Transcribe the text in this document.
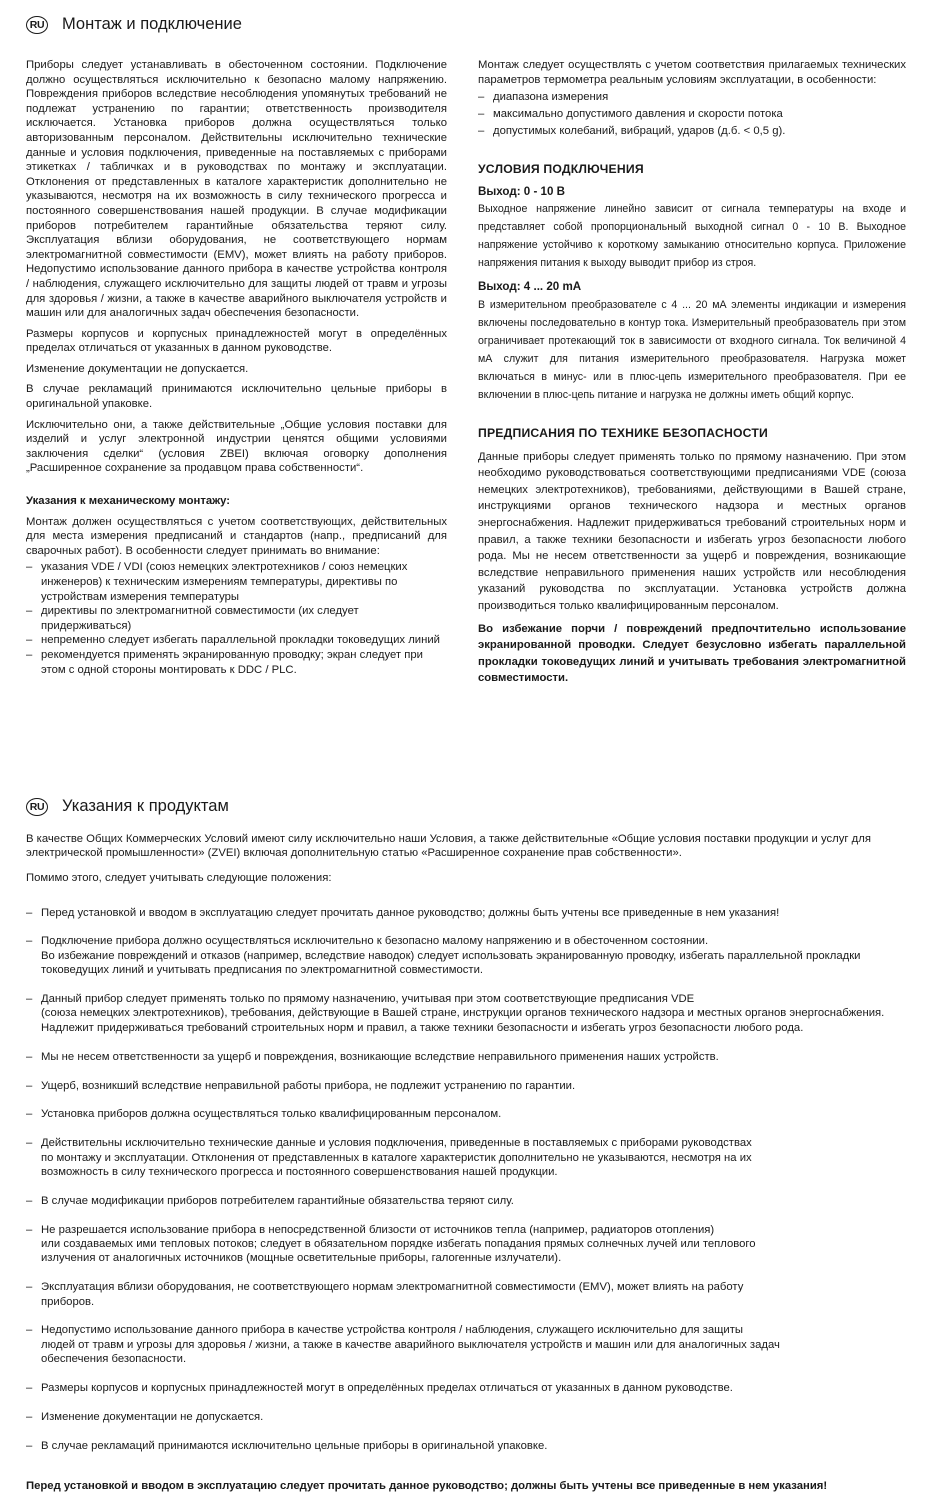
RU Монтаж и подключение

Приборы следует устанавливать в обесточенном состоянии. Подключение должно осуществляться исключительно к безопасно малому напряжению. Повреждения приборов вследствие несоблюдения упомянутых требований не подлежат устранению по гарантии; ответственность производителя исключается. Установка приборов должна осуществляться только авторизованным персоналом. Действительны исключительно технические данные и условия подключения, приведенные на поставляемых с приборами этикетках / табличках и в руководствах по монтажу и эксплуатации. Отклонения от представленных в каталоге характеристик дополнительно не указываются, несмотря на их возможность в силу технического прогресса и постоянного совершенствования нашей продукции. В случае модификации приборов потребителем гарантийные обязательства теряют силу. Эксплуатация вблизи оборудования, не соответствующего нормам электромагнитной совместимости (EMV), может влиять на работу приборов. Недопустимо использование данного прибора в качестве устройства контроля / наблюдения, служащего исключительно для защиты людей от травм и угрозы для здоровья / жизни, а также в качестве аварийного выключателя устройств и машин или для аналогичных задач обеспечения безопасности.

Размеры корпусов и корпусных принадлежностей могут в определённых пределах отличаться от указанных в данном руководстве.

Изменение документации не допускается.

В случае рекламаций принимаются исключительно цельные приборы в оригинальной упаковке.

Исключительно они, а также действительные „Общие условия поставки для изделий и услуг электронной индустрии ценятся общими условиями заключения сделки“ (условия ZBEI) включая оговорку дополнения „Расширенное сохранение за продавцом права собственности“.

Указания к механическому монтажу:

Монтаж должен осуществляться с учетом соответствующих, действительных для места измерения предписаний и стандартов (напр., предписаний для сварочных работ). В особенности следует принимать во внимание:

– указания VDE / VDI (союз немецких электротехников / союз немецких инженеров) к техническим измерениям температуры, директивы по устройствам измерения температуры
– директивы по электромагнитной совместимости (их следует придерживаться)
– непременно следует избегать параллельной прокладки токоведущих линий
– рекомендуется применять экранированную проводку; экран следует при этом с одной стороны монтировать к DDC / PLC.

Монтаж следует осуществлять с учетом соответствия прилагаемых технических параметров термометра реальным условиям эксплуатации, в особенности:

– диапазона измерения
– максимально допустимого давления и скорости потока
– допустимых колебаний, вибраций, ударов (д.б. < 0,5 g).
УСЛОВИЯ ПОДКЛЮЧЕНИЯ
Выход: 0 - 10 В

Выходное напряжение линейно зависит от сигнала температуры на входе и представляет собой пропорциональный выходной сигнал 0 - 10 В. Выходное напряжение устойчиво к короткому замыканию относительно корпуса. Приложение напряжения питания к выходу выводит прибор из строя.

Выход: 4 ... 20 mA

В измерительном преобразователе с 4 ... 20 мА элементы индикации и измерения включены последовательно в контур тока. Измерительный преобразователь при этом ограничивает протекающий ток в зависимости от входного сигнала. Ток величиной 4 мА служит для питания измерительного преобразователя. Нагрузка может включаться в минус- или в плюс-цепь измерительного преобразователя. При ее включении в плюс-цепь питание и нагрузка не должны иметь общий корпус.

ПРЕДПИСАНИЯ ПО ТЕХНИКЕ БЕЗОПАСНОСТИ

Данные приборы следует применять только по прямому назначению. При этом необходимо руководствоваться соответствующими предписаниями VDE (союза немецких электротехников), требованиями, действующими в Вашей стране, инструкциями органов технического надзора и местных органов энергоснабжения. Надлежит придерживаться требований строительных норм и правил, а также техники безопасности и избегать угроз безопасности любого рода. Мы не несем ответственности за ущерб и повреждения, возникающие вследствие неправильного применения наших устройств или несоблюдения указаний руководства по эксплуатации. Установка устройств должна производиться только квалифицированным персоналом.

Во избежание порчи / повреждений предпочтительно использование экранированной проводки. Следует безусловно избегать параллельной прокладки токоведущих линий и учитывать требования электромагнитной совместимости.

RU Указания к продуктам

В качестве Общих Коммерческих Условий имеют силу исключительно наши Условия, а также действительные «Общие условия поставки продукции и услуг для электрической промышленности» (ZVEI) включая дополнительную статью «Расширенное сохранение прав собственности».

Помимо этого, следует учитывать следующие положения:

– Перед установкой и вводом в эксплуатацию следует прочитать данное руководство; должны быть учтены все приведенные в нем указания!

– Подключение прибора должно осуществляться исключительно к безопасно малому напряжению и в обесточенном состоянии.
Во избежание повреждений и отказов (например, вследствие наводок) следует использовать экранированную проводку, избегать параллельной прокладки токоведущих линий и учитывать предписания по электромагнитной совместимости.

– Данный прибор следует применять только по прямому назначению, учитывая при этом соответствующие предписания VDE
(союза немецких электротехников), требования, действующие в Вашей стране, инструкции органов технического надзора и местных органов энергоснабжения. Надлежит придерживаться требований строительных норм и правил, а также техники безопасности и избегать угроз безопасности любого рода.

– Мы не несем ответственности за ущерб и повреждения, возникающие вследствие неправильного применения наших устройств.

– Ущерб, возникший вследствие неправильной работы прибора, не подлежит устранению по гарантии.

– Установка приборов должна осуществляться только квалифицированным персоналом.

– Действительны исключительно технические данные и условия подключения, приведенные в поставляемых с приборами руководствах
по монтажу и эксплуатации. Отклонения от представленных в каталоге характеристик дополнительно не указываются, несмотря на их
возможность в силу технического прогресса и постоянного совершенствования нашей продукции.

– В случае модификации приборов потребителем гарантийные обязательства теряют силу.

– Не разрешается использование прибора в непосредственной близости от источников тепла (например, радиаторов отопления)
или создаваемых ими тепловых потоков; следует в обязательном порядке избегать попадания прямых солнечных лучей или теплового
излучения от аналогичных источников (мощные осветительные приборы, галогенные излучатели).

– Эксплуатация вблизи оборудования, не соответствующего нормам электромагнитной совместимости (EMV), может влиять на работу
приборов.

– Недопустимо использование данного прибора в качестве устройства контроля / наблюдения, служащего исключительно для защиты
людей от травм и угрозы для здоровья / жизни, а также в качестве аварийного выключателя устройств и машин или для аналогичных задач
обеспечения безопасности.

– Размеры корпусов и корпусных принадлежностей могут в определённых пределах отличаться от указанных в данном руководстве.

– Изменение документации не допускается.

– В случае рекламаций принимаются исключительно цельные приборы в оригинальной упаковке.

Перед установкой и вводом в эксплуатацию следует прочитать данное руководство; должны быть учтены все приведенные в нем указания!
